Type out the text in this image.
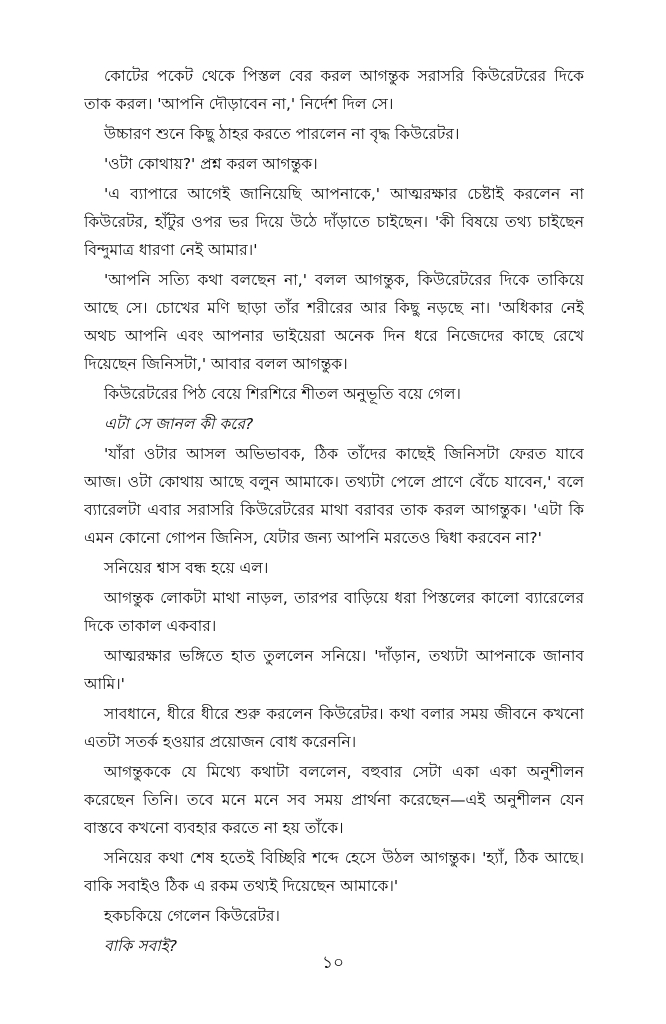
কোটের পকেট থেকে পিস্তল বের করল আগন্তুক সরাসরি কিউরেটরের দিকে তাক করল। 'আপনি দৌড়াবেন না,' নির্দেশ দিল সে।

উচ্চারণ শুনে কিছু ঠাহর করতে পারলেন না বৃদ্ধ কিউরেটর।

'ওটা কোথায়?' প্রশ্ন করল আগন্তুক।

'এ ব্যাপারে আগেই জানিয়েছি আপনাকে,' আত্মরক্ষার চেষ্টাই করলেন না কিউরেটর, হাঁটুর ওপর ভর দিয়ে উঠে দাঁড়াতে চাইছেন। 'কী বিষয়ে তথ্য চাইছেন বিন্দুমাত্র ধারণা নেই আমার।'

'আপনি সত্যি কথা বলছেন না,' বলল আগন্তুক, কিউরেটরের দিকে তাকিয়ে আছে সে। চোখের মণি ছাড়া তাঁর শরীরের আর কিছু নড়ছে না। 'অধিকার নেই অথচ আপনি এবং আপনার ভাইয়েরা অনেক দিন ধরে নিজেদের কাছে রেখে দিয়েছেন জিনিসটা,' আবার বলল আগন্তুক।

কিউরেটরের পিঠ বেয়ে শিরশিরে শীতল অনুভূতি বয়ে গেল।

এটা সে জানল কী করে?

'যাঁরা ওটার আসল অভিভাবক, ঠিক তাঁদের কাছেই জিনিসটা ফেরত যাবে আজ। ওটা কোথায় আছে বলুন আমাকে। তথ্যটা পেলে প্রাণে বেঁচে যাবেন,' বলে ব্যারেলটা এবার সরাসরি কিউরেটরের মাথা বরাবর তাক করল আগন্তুক। 'এটা কি এমন কোনো গোপন জিনিস, যেটার জন্য আপনি মরতেও দ্বিধা করবেন না?'

সনিয়ের শ্বাস বন্ধ হয়ে এল।

আগন্তুক লোকটা মাথা নাড়ল, তারপর বাড়িয়ে ধরা পিস্তলের কালো ব্যারেলের দিকে তাকাল একবার।

আত্মরক্ষার ভঙ্গিতে হাত তুললেন সনিয়ে। 'দাঁড়ান, তথ্যটা আপনাকে জানাব আমি।'

সাবধানে, ধীরে ধীরে শুরু করলেন কিউরেটর। কথা বলার সময় জীবনে কখনো এতটা সতর্ক হওয়ার প্রয়োজন বোধ করেননি।

আগন্তুককে যে মিথ্যে কথাটা বললেন, বহুবার সেটা একা একা অনুশীলন করেছেন তিনি। তবে মনে মনে সব সময় প্রার্থনা করেছেন—এই অনুশীলন যেন বাস্তবে কখনো ব্যবহার করতে না হয় তাঁকে।

সনিয়ের কথা শেষ হতেই বিচ্ছিরি শব্দে হেসে উঠল আগন্তুক। 'হ্যাঁ, ঠিক আছে। বাকি সবাইও ঠিক এ রকম তথ্যই দিয়েছেন আমাকে।'

হকচকিয়ে গেলেন কিউরেটর।

বাকি সবাই?

১০
